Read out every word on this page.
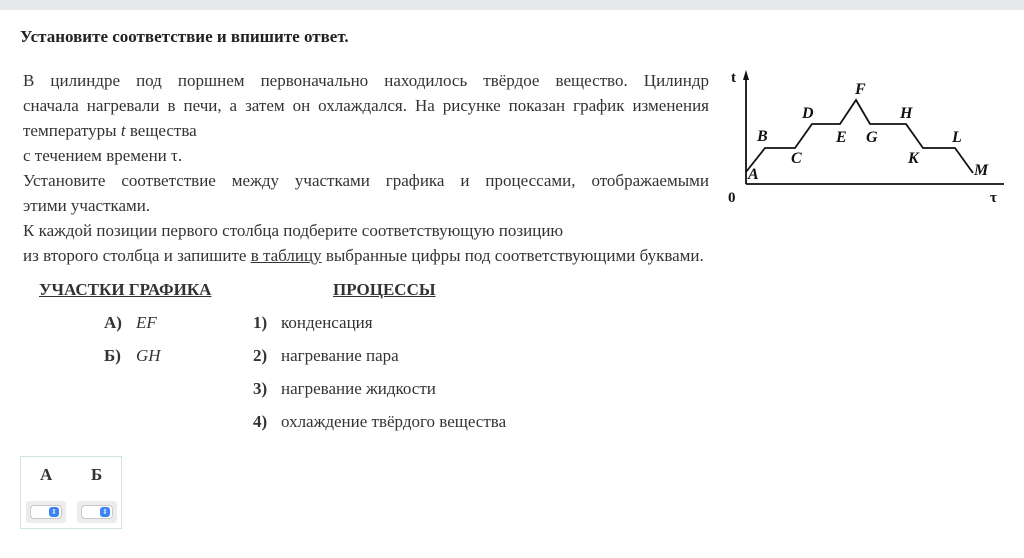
Установите соответствие и впишите ответ.

В цилиндре под поршнем первоначально находилось твёрдое вещество. Цилиндр

сначала нагревали в печи, а затем он охлаждался. На рисунке показан график изменения

температуры t вещества

с течением времени τ.

Установите соответствие между участками графика и процессами, отображаемыми

этими участками.

К каждой позиции первого столбца подберите соответствующую позицию

из второго столбца и запишите в таблицу выбранные цифры под соответствующими буквами.

t
τ
0
A
B
C
D
E
F
G
H
K
L
M
УЧАСТКИ ГРАФИКА	ПРОЦЕССЫ
А) EF
Б) GH
1) конденсация
2) нагревание пара
3) нагревание жидкости
4) охлаждение твёрдого вещества
А Б
⇕	⇕
